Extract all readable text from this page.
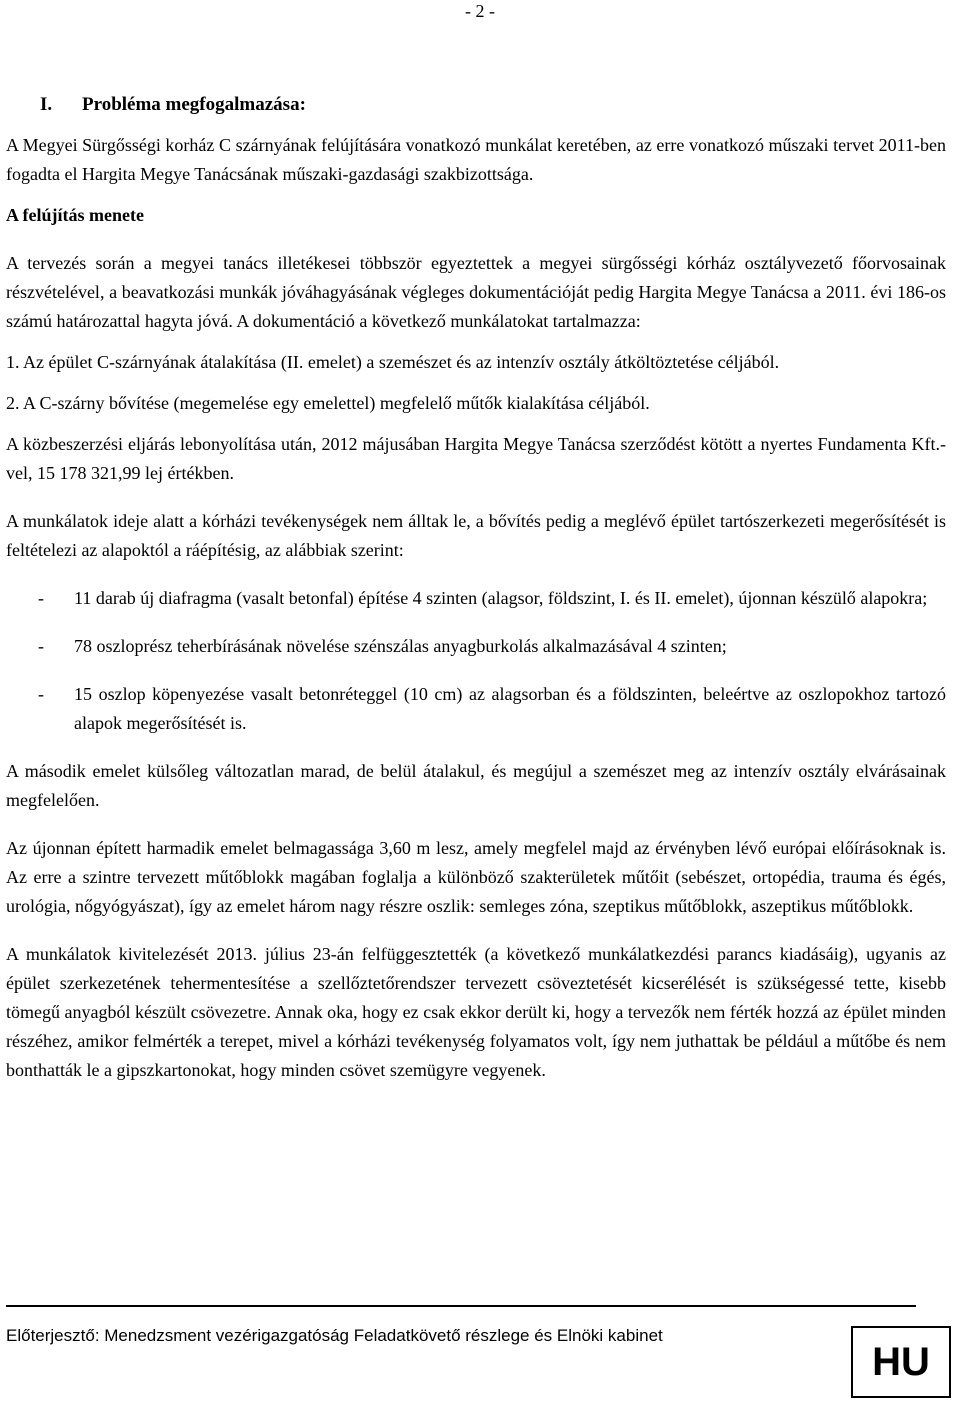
- 2 -

I. Probléma megfogalmazása:

A Megyei Sürgősségi korház C szárnyának felújítására vonatkozó munkálat keretében, az erre vonatkozó műszaki tervet 2011-ben fogadta el Hargita Megye Tanácsának műszaki-gazdasági szakbizottsága.

A felújítás menete

A tervezés során a megyei tanács illetékesei többször egyeztettek a megyei sürgősségi kórház osztályvezető főorvosainak részvételével, a beavatkozási munkák jóváhagyásának végleges dokumentációját pedig Hargita Megye Tanácsa a 2011. évi 186-os számú határozattal hagyta jóvá. A dokumentáció a következő munkálatokat tartalmazza:

1. Az épület C-szárnyának átalakítása (II. emelet) a szemészet és az intenzív osztály átköltöztetése céljából.

2. A C-szárny bővítése (megemelése egy emelettel) megfelelő műtők kialakítása céljából.

A közbeszerzési eljárás lebonyolítása után, 2012 májusában Hargita Megye Tanácsa szerződést kötött a nyertes Fundamenta Kft.-vel, 15 178 321,99 lej értékben.

A munkálatok ideje alatt a kórházi tevékenységek nem álltak le, a bővítés pedig a meglévő épület tartószerkezeti megerősítését is feltételezi az alapoktól a ráépítésig, az alábbiak szerint:

- 11 darab új diafragma (vasalt betonfal) építése 4 szinten (alagsor, földszint, I. és II. emelet), újonnan készülő alapokra;
- 78 oszloprész teherbírásának növelése szénszálas anyagburkolás alkalmazásával 4 szinten;
- 15 oszlop köpenyezése vasalt betonréteggel (10 cm) az alagsorban és a földszinten, beleértve az oszlopokhoz tartozó alapok megerősítését is.

A második emelet külsőleg változatlan marad, de belül átalakul, és megújul a szemészet meg az intenzív osztály elvárásainak megfelelően.

Az újonnan épített harmadik emelet belmagassága 3,60 m lesz, amely megfelel majd az érvényben lévő európai előírásoknak is. Az erre a szintre tervezett műtőblokk magában foglalja a különböző szakterületek műtőit (sebészet, ortopédia, trauma és égés, urológia, nőgyógyászat), így az emelet három nagy részre oszlik: semleges zóna, szeptikus műtőblokk, aszeptikus műtőblokk.

A munkálatok kivitelezését 2013. július 23-án felfüggesztették (a következő munkálatkezdési parancs kiadásáig), ugyanis az épület szerkezetének tehermentesítése a szellőztetőrendszer tervezett csöveztetését kicserélését is szükségessé tette, kisebb tömegű anyagból készült csövezetre. Annak oka, hogy ez csak ekkor derült ki, hogy a tervezők nem férték hozzá az épület minden részéhez, amikor felmérték a terepet, mivel a kórházi tevékenység folyamatos volt, így nem juthattak be például a műtőbe és nem bonthatták le a gipszkartonokat, hogy minden csövet szemügyre vegyenek.

Előterjesztő: Menedzsment vezérigazgatóság Feladatkövető részlege és Elnöki kabinet
HU
